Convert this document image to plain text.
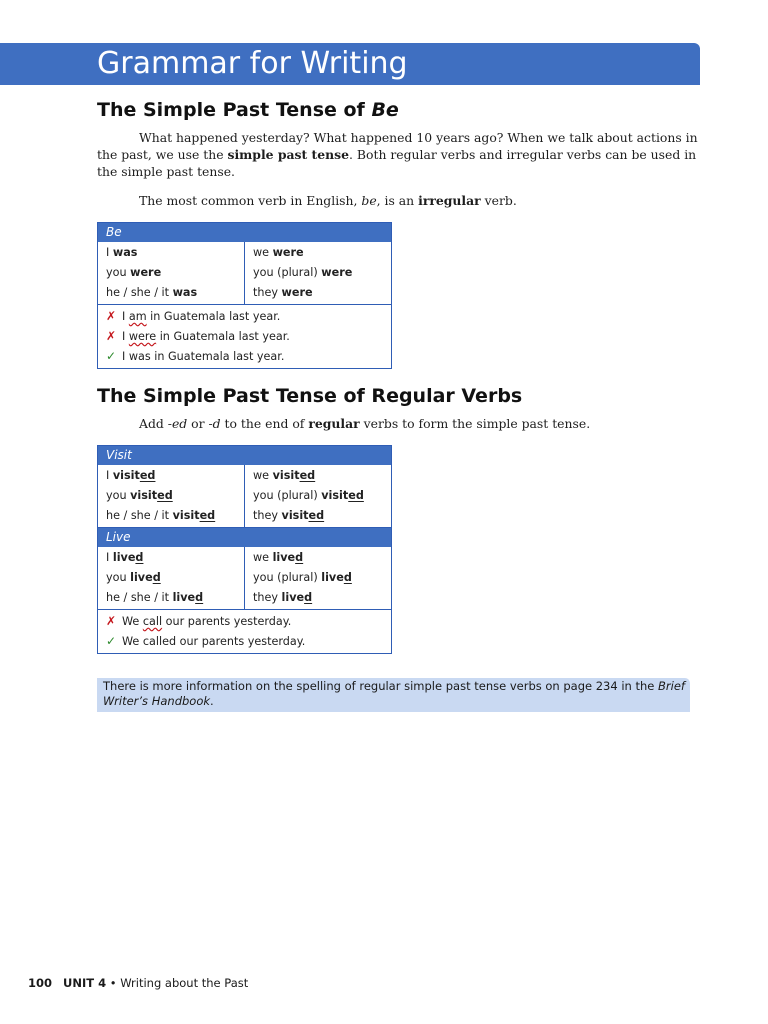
Grammar for Writing
The Simple Past Tense of Be
What happened yesterday? What happened 10 years ago? When we talk about actions in the past, we use the simple past tense. Both regular verbs and irregular verbs can be used in the simple past tense.
The most common verb in English, be, is an irregular verb.
Be
I was
you were
he / she / it was
we were
you (plural) were
they were
✗ I am in Guatemala last year.
✗ I were in Guatemala last year.
✓ I was in Guatemala last year.
The Simple Past Tense of Regular Verbs
Add -ed or -d to the end of regular verbs to form the simple past tense.
Visit
I visited
you visited
he / she / it visited
we visited
you (plural) visited
they visited
Live
I lived
you lived
he / she / it lived
we lived
you (plural) lived
they lived
✗ We call our parents yesterday.
✓ We called our parents yesterday.
There is more information on the spelling of regular simple past tense verbs on page 234 in the Brief Writer’s Handbook.
100 UNIT 4 • Writing about the Past
